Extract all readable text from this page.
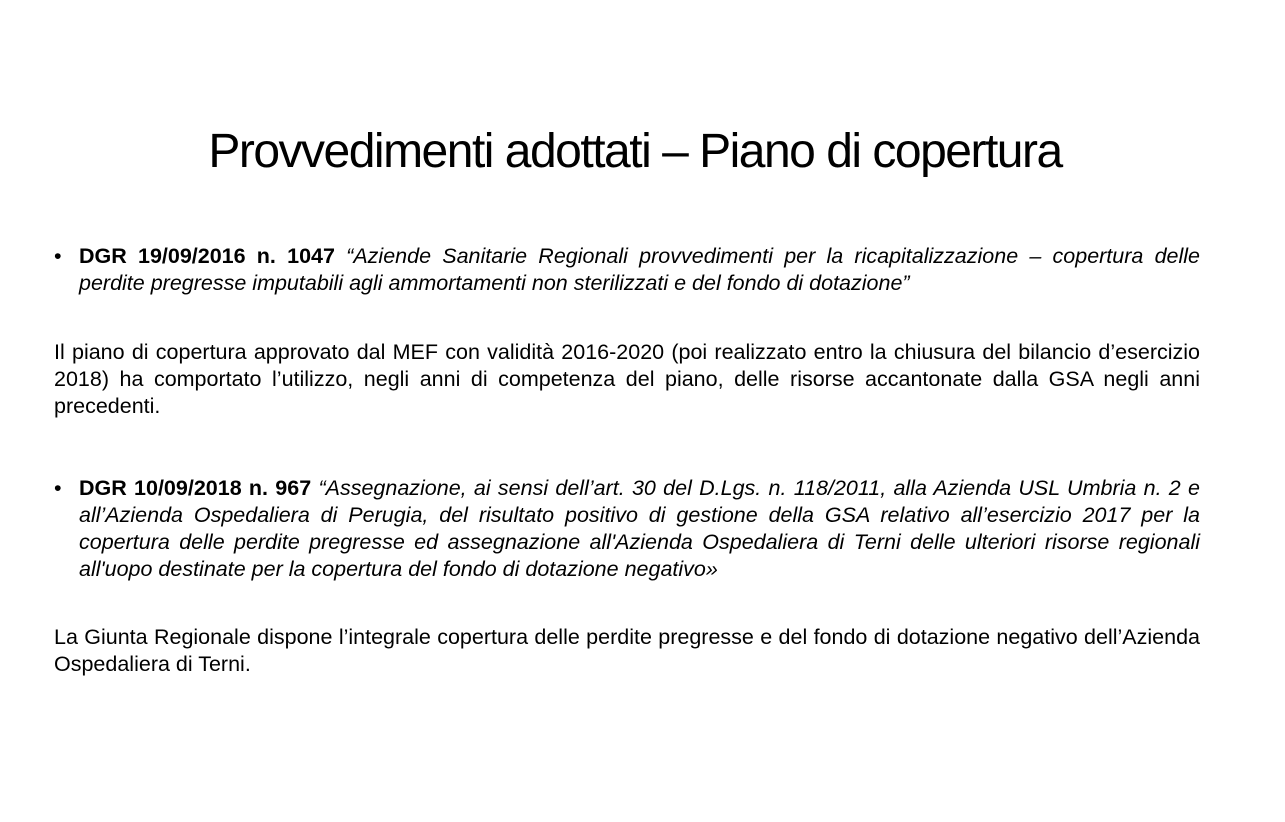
Provvedimenti adottati – Piano di copertura
• DGR 19/09/2016 n. 1047 “Aziende Sanitarie Regionali provvedimenti per la ricapitalizzazione – copertura delle perdite pregresse imputabili agli ammortamenti non sterilizzati e del fondo di dotazione”
Il piano di copertura approvato dal MEF con validità 2016-2020 (poi realizzato entro la chiusura del bilancio d’esercizio 2018) ha comportato l’utilizzo, negli anni di competenza del piano, delle risorse accantonate dalla GSA negli anni precedenti.
• DGR 10/09/2018 n. 967 “Assegnazione, ai sensi dell’art. 30 del D.Lgs. n. 118/2011, alla Azienda USL Umbria n. 2 e all’Azienda Ospedaliera di Perugia, del risultato positivo di gestione della GSA relativo all’esercizio 2017 per la copertura delle perdite pregresse ed assegnazione all'Azienda Ospedaliera di Terni delle ulteriori risorse regionali all'uopo destinate per la copertura del fondo di dotazione negativo»
La Giunta Regionale dispone l’integrale copertura delle perdite pregresse e del fondo di dotazione negativo dell’Azienda Ospedaliera di Terni.
